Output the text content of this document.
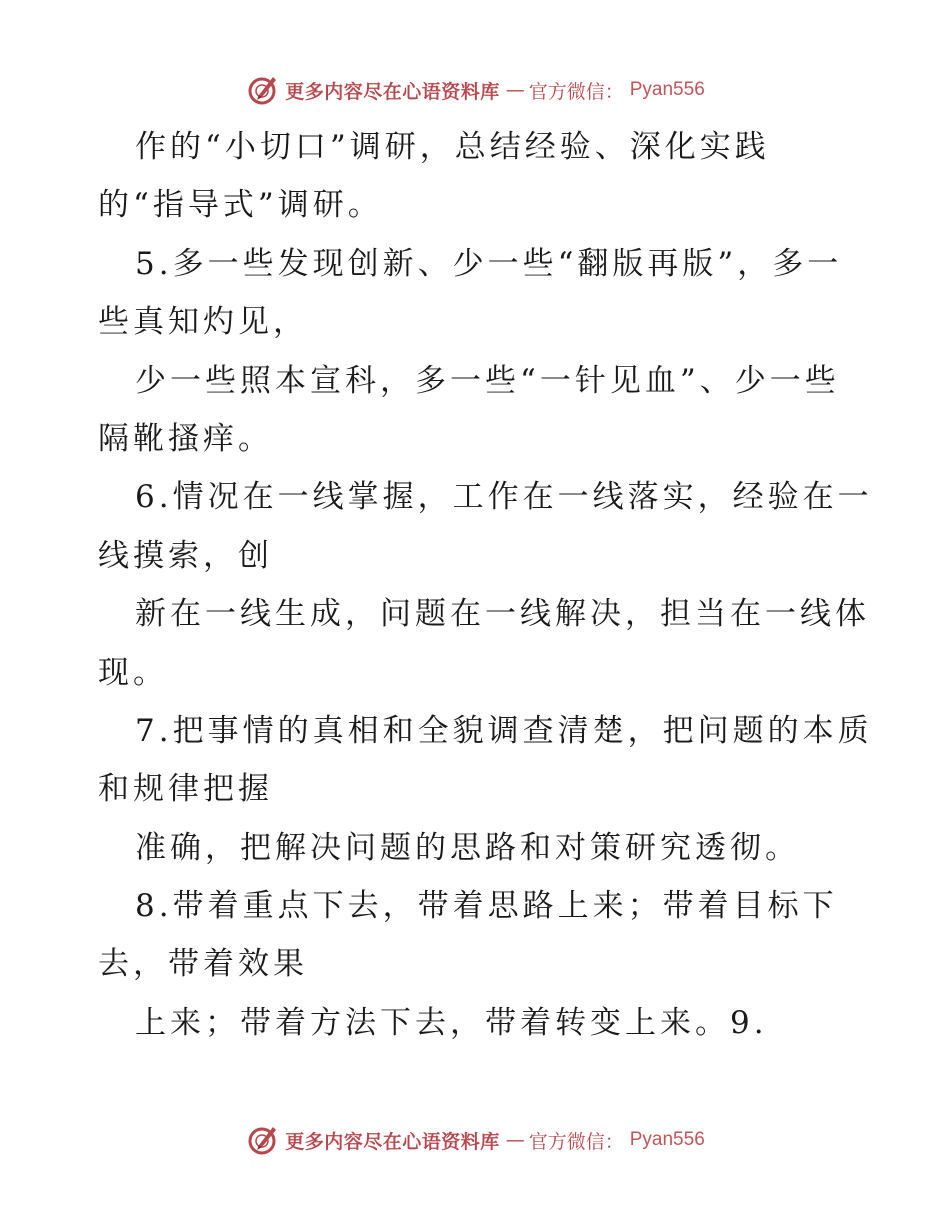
更多内容尽在心语资料库 — 官方微信： Pyan556
作的“小切口”调研，总结经验、深化实践
的“指导式”调研。
5.多一些发现创新、少一些“翻版再版”，多一
些真知灼见，
少一些照本宣科，多一些“一针见血”、少一些
隔靴搔痒。
6.情况在一线掌握，工作在一线落实，经验在一
线摸索，创
新在一线生成，问题在一线解决，担当在一线体
现。
7.把事情的真相和全貌调查清楚，把问题的本质
和规律把握
准确，把解决问题的思路和对策研究透彻。
8.带着重点下去，带着思路上来；带着目标下
去，带着效果
上来；带着方法下去，带着转变上来。9.
更多内容尽在心语资料库 — 官方微信： Pyan556
